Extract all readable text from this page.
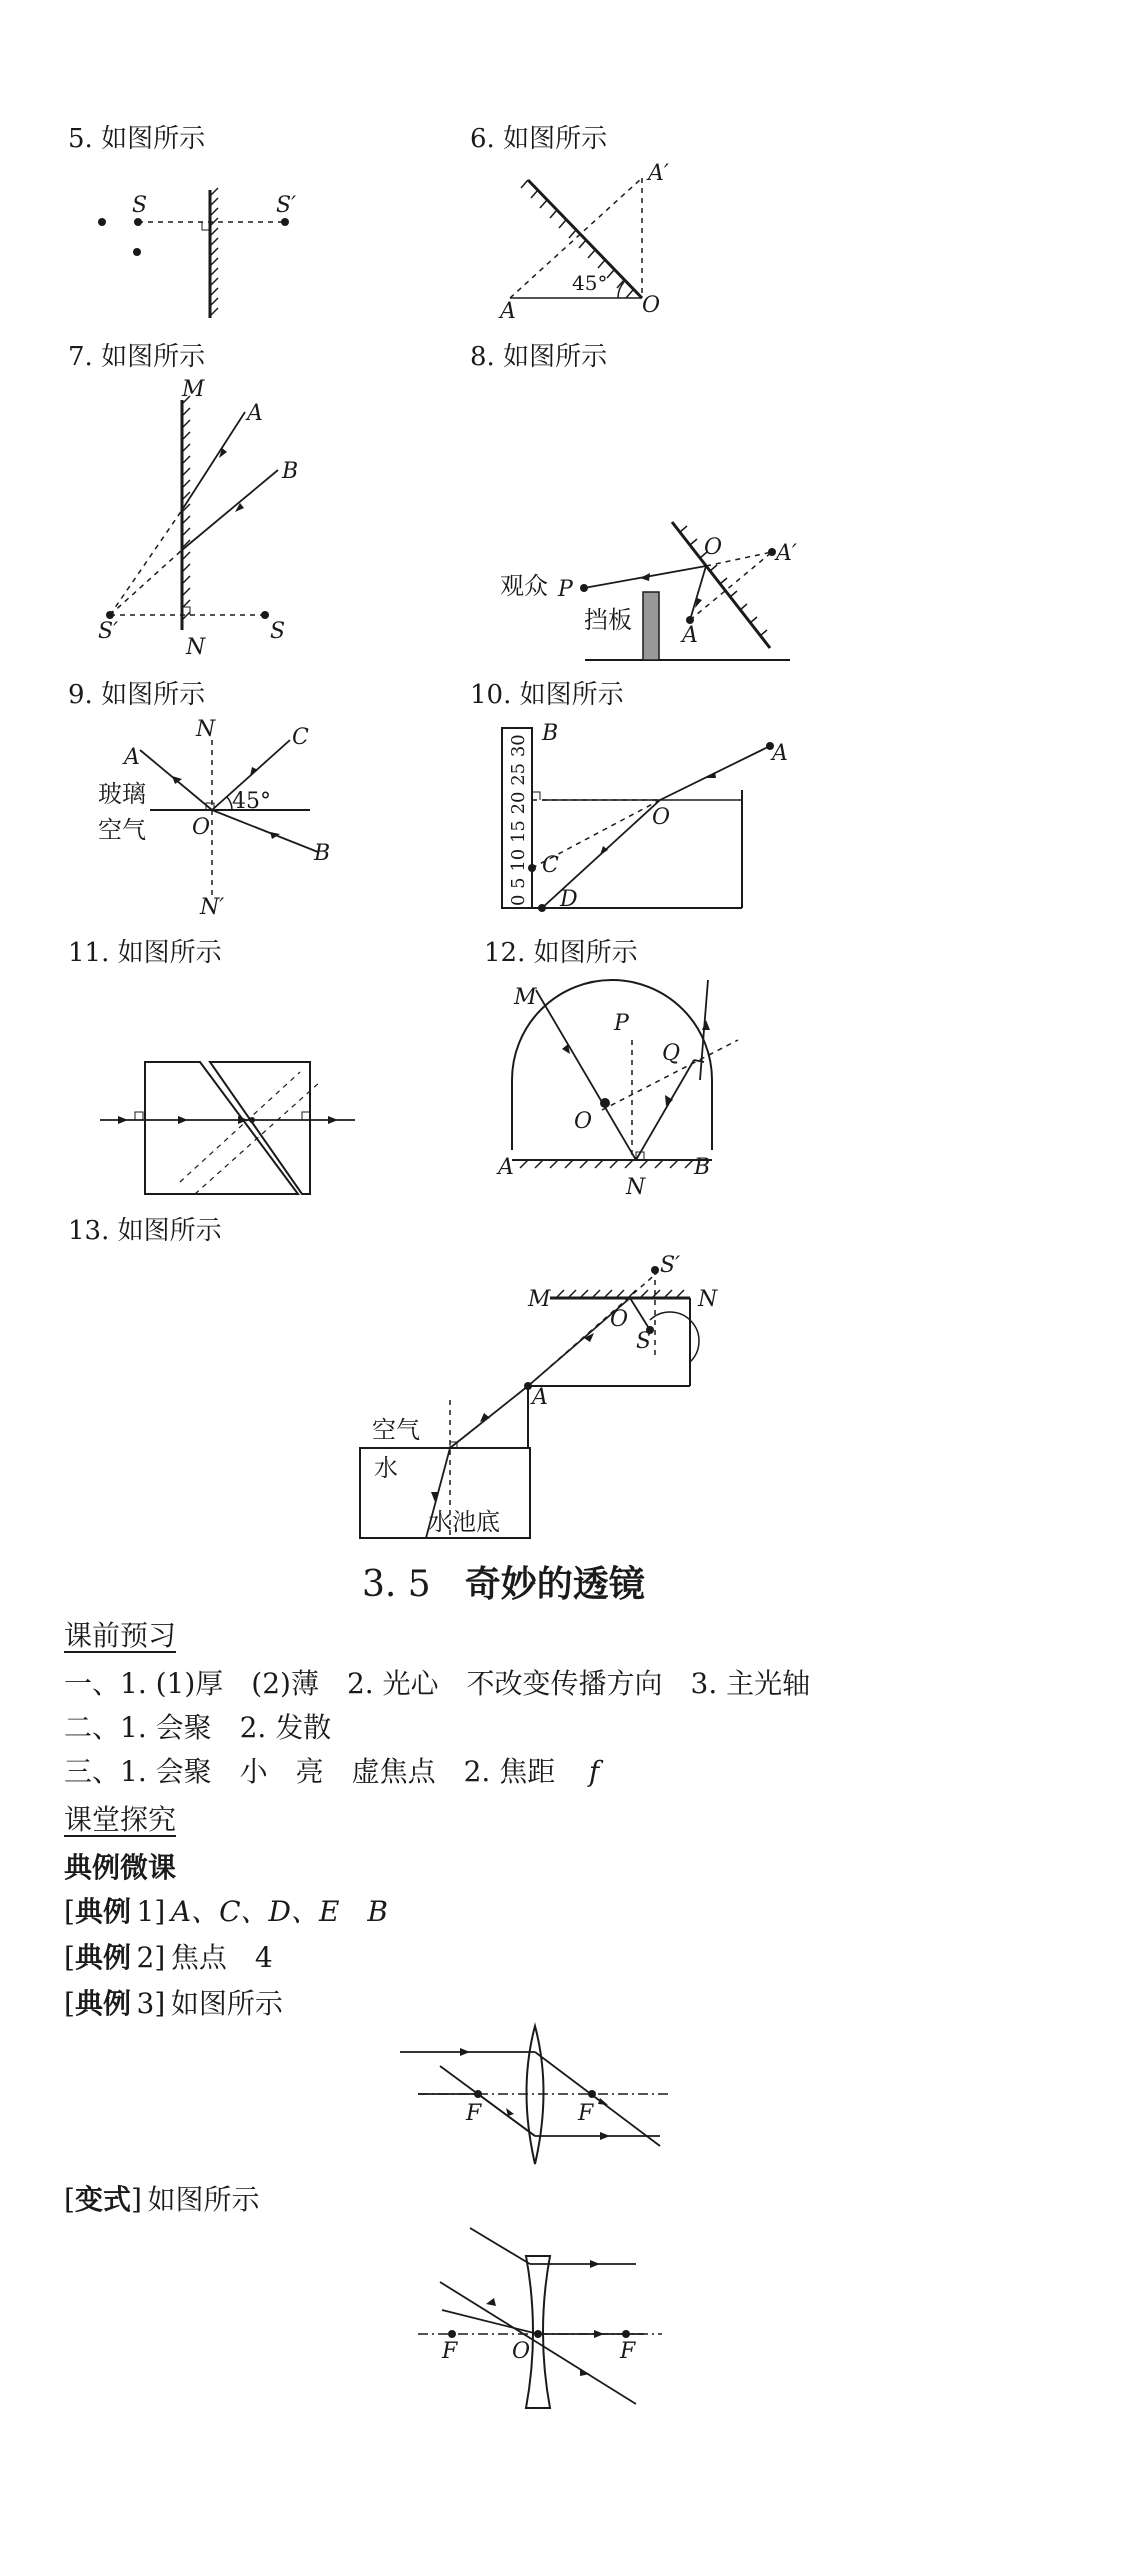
5. 如图所示	6. 如图所示
7. 如图所示	8. 如图所示
9. 如图所示	10. 如图所示
11. 如图所示	12. 如图所示
13. 如图所示
S	S′
A′
A	O
45°
M
A
B
S′
N
S
O A′
观众 P
挡板
A
N
A
C
玻璃
空气 O
45°
B
N′
0 5 10 15 20 25 30
B
A
O
C
D
M
P
Q
O
A	B
N
S′
M	N
O
S
A
空气
水
水池底
3. 5 奇妙的透镜
课前预习
一、1. (1)厚　(2)薄　2. 光心　不改变传播方向　3. 主光轴
二、1. 会聚　2. 发散
三、1. 会聚　小　亮　虚焦点　2. 焦距　  f
课堂探究
典例微课
[典例  1] A、C、D、E　B
[典例  2] 焦点　4
[典例  3] 如图所示
F	F
[变式] 如图所示
F O	F
